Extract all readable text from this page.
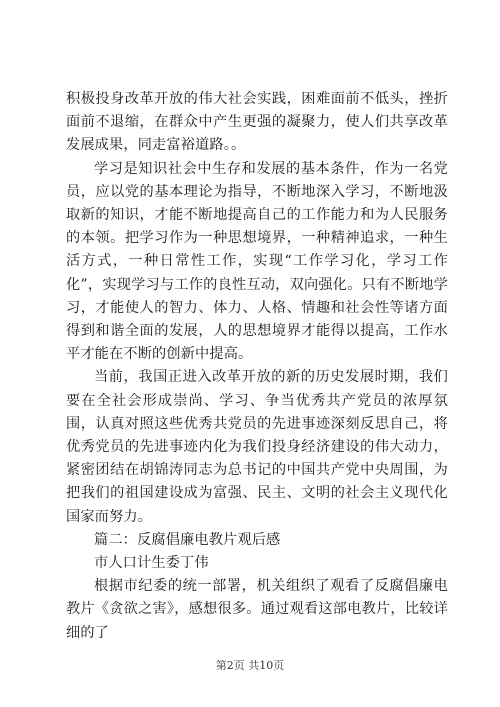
积极投身改革开放的伟大社会实践，困难面前不低头，挫折面前不退缩，在群众中产生更强的凝聚力，使人们共享改革发展成果，同走富裕道路。。

学习是知识社会中生存和发展的基本条件，作为一名党员，应以党的基本理论为指导，不断地深入学习，不断地汲取新的知识，才能不断地提高自己的工作能力和为人民服务的本领。把学习作为一种思想境界，一种精神追求，一种生活方式，一种日常性工作，实现“工作学习化，学习工作化”，实现学习与工作的良性互动，双向强化。只有不断地学习，才能使人的智力、体力、人格、情趣和社会性等诸方面得到和谐全面的发展，人的思想境界才能得以提高，工作水平才能在不断的创新中提高。

当前，我国正进入改革开放的新的历史发展时期，我们要在全社会形成崇尚、学习、争当优秀共产党员的浓厚氛围，认真对照这些优秀共党员的先进事迹深刻反思自己，将优秀党员的先进事迹内化为我们投身经济建设的伟大动力，紧密团结在胡锦涛同志为总书记的中国共产党中央周围，为把我们的祖国建设成为富强、民主、文明的社会主义现代化国家而努力。

篇二：反腐倡廉电教片观后感

市人口计生委丁伟

根据市纪委的统一部署，机关组织了观看了反腐倡廉电教片《贪欲之害》，感想很多。通过观看这部电教片，比较详细的了

第2页 共10页
